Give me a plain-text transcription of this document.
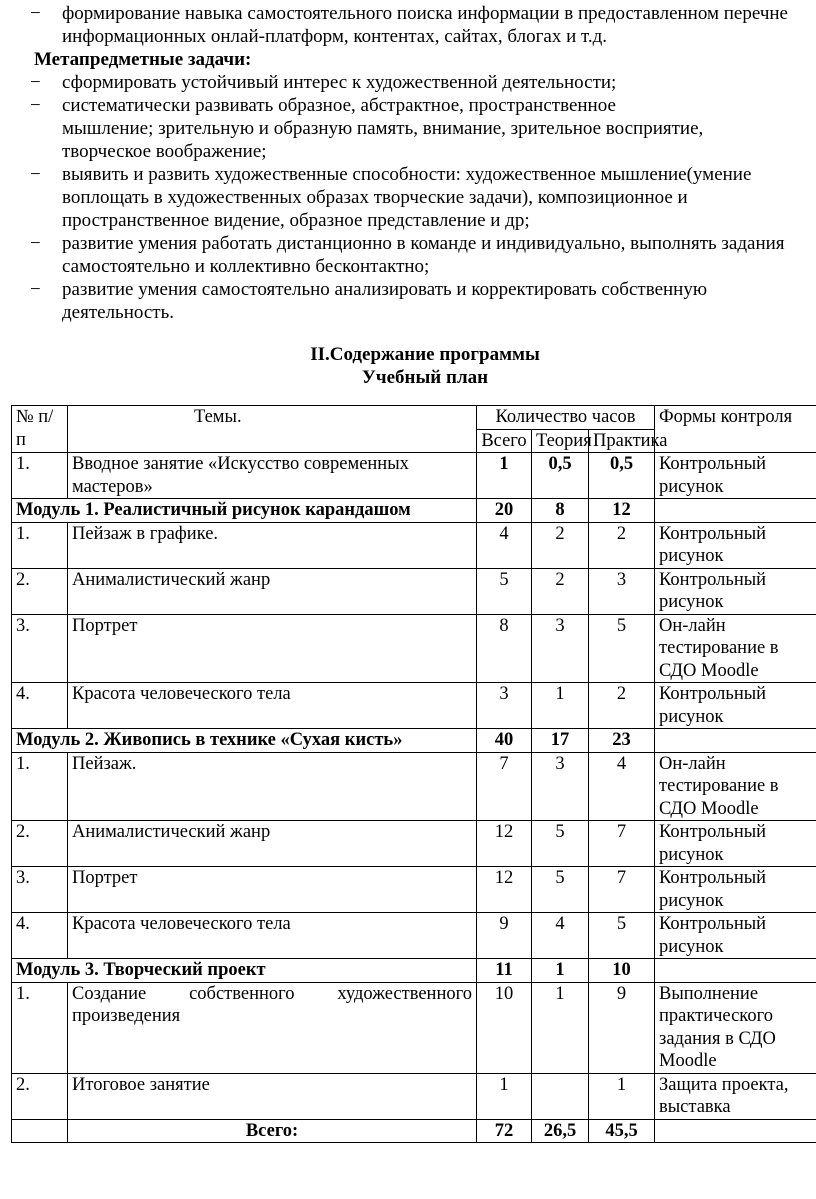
− формирование навыка самостоятельного поиска информации в предоставленном перечне
информационных онлай-платформ, контентах, сайтах, блогах и т.д.
Метапредметные задачи:
− сформировать устойчивый интерес к художественной деятельности;
− систематически развивать образное, абстрактное, пространственное
мышление; зрительную и образную память, внимание, зрительное восприятие,
творческое воображение;
− выявить и развить художественные способности: художественное мышление(умение
воплощать в художественных образах творческие задачи), композиционное и
пространственное видение, образное представление и др;
− развитие умения работать дистанционно в команде и индивидуально, выполнять задания
самостоятельно и коллективно бесконтактно;
− развитие умения самостоятельно анализировать и корректировать собственную
деятельность.
II.Содержание программы
Учебный план
№ п/п	Темы.	Количество часов			Формы контроля
		Всего	Теория	Практика	
1.	Вводное занятие «Искусство современных мастеров»	1	0,5	0,5	Контрольный рисунок
Модуль 1. Реалистичный рисунок карандашом		20	8	12	
1.	Пейзаж в графике.	4	2	2	Контрольный рисунок
2.	Анималистический жанр	5	2	3	Контрольный рисунок
3.	Портрет	8	3	5	Он-лайн тестирование в СДО Moodle
4.	Красота человеческого тела	3	1	2	Контрольный рисунок
Модуль 2. Живопись в технике «Сухая кисть»		40	17	23	
1.	Пейзаж.	7	3	4	Он-лайн тестирование в СДО Moodle
2.	Анималистический жанр	12	5	7	Контрольный рисунок
3.	Портрет	12	5	7	Контрольный рисунок
4.	Красота человеческого тела	9	4	5	Контрольный рисунок
Модуль 3. Творческий проект		11	1	10	
1.	Создание собственного художественного произведения	10	1	9	Выполнение практического задания в СДО Moodle
2.	Итоговое занятие	1		1	Защита проекта, выставка
	Всего:	72	26,5	45,5	
